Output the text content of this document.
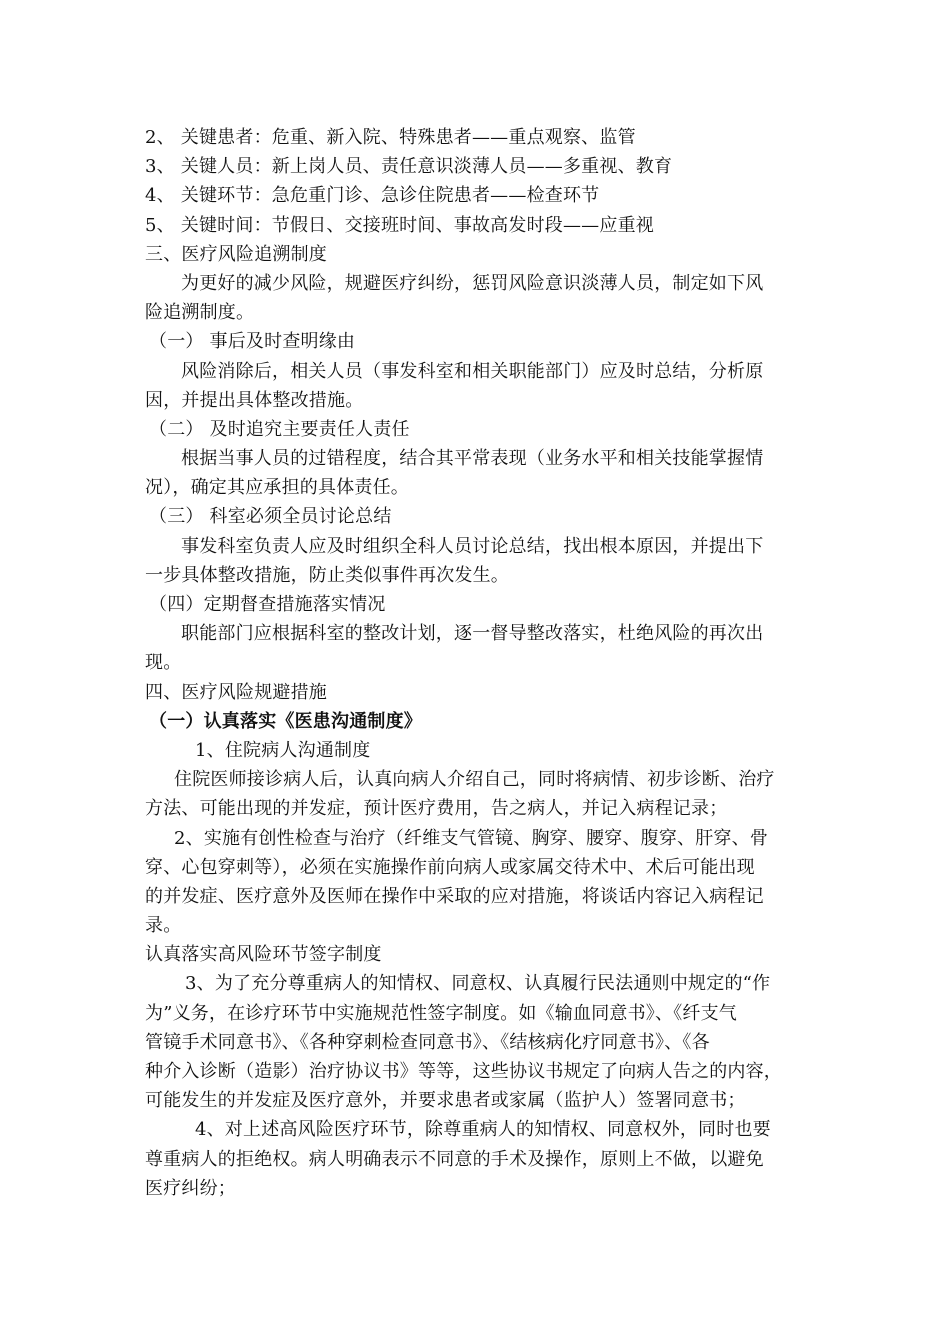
2、 关键患者：危重、新入院、特殊患者——重点观察、监管
3、 关键人员：新上岗人员、责任意识淡薄人员——多重视、教育
4、 关键环节：急危重门诊、急诊住院患者——检查环节
5、 关键时间：节假日、交接班时间、事故高发时段——应重视
三、医疗风险追溯制度
为更好的减少风险，规避医疗纠纷，惩罚风险意识淡薄人员，制定如下风
险追溯制度。
（一） 事后及时查明缘由
风险消除后，相关人员（事发科室和相关职能部门）应及时总结，分析原
因，并提出具体整改措施。
（二） 及时追究主要责任人责任
根据当事人员的过错程度，结合其平常表现（业务水平和相关技能掌握情
况），确定其应承担的具体责任。
（三） 科室必须全员讨论总结
事发科室负责人应及时组织全科人员讨论总结，找出根本原因，并提出下
一步具体整改措施，防止类似事件再次发生。
（四）定期督查措施落实情况
职能部门应根据科室的整改计划，逐一督导整改落实，杜绝风险的再次出
现。
四、医疗风险规避措施
（一）认真落实《医患沟通制度》
1、住院病人沟通制度
住院医师接诊病人后，认真向病人介绍自己，同时将病情、初步诊断、治疗
方法、可能出现的并发症，预计医疗费用，告之病人，并记入病程记录；
2、实施有创性检查与治疗（纤维支气管镜、胸穿、腰穿、腹穿、肝穿、骨
穿、心包穿刺等），必须在实施操作前向病人或家属交待术中、术后可能出现
的并发症、医疗意外及医师在操作中采取的应对措施，将谈话内容记入病程记
录。
认真落实高风险环节签字制度
3、为了充分尊重病人的知情权、同意权、认真履行民法通则中规定的“作
为”义务，在诊疗环节中实施规范性签字制度。如《输血同意书》、《纤支气
管镜手术同意书》、《各种穿刺检查同意书》、《结核病化疗同意书》、《各
种介入诊断（造影）治疗协议书》等等，这些协议书规定了向病人告之的内容，
可能发生的并发症及医疗意外，并要求患者或家属（监护人）签署同意书；
4、对上述高风险医疗环节，除尊重病人的知情权、同意权外，同时也要
尊重病人的拒绝权。病人明确表示不同意的手术及操作，原则上不做，以避免
医疗纠纷；
